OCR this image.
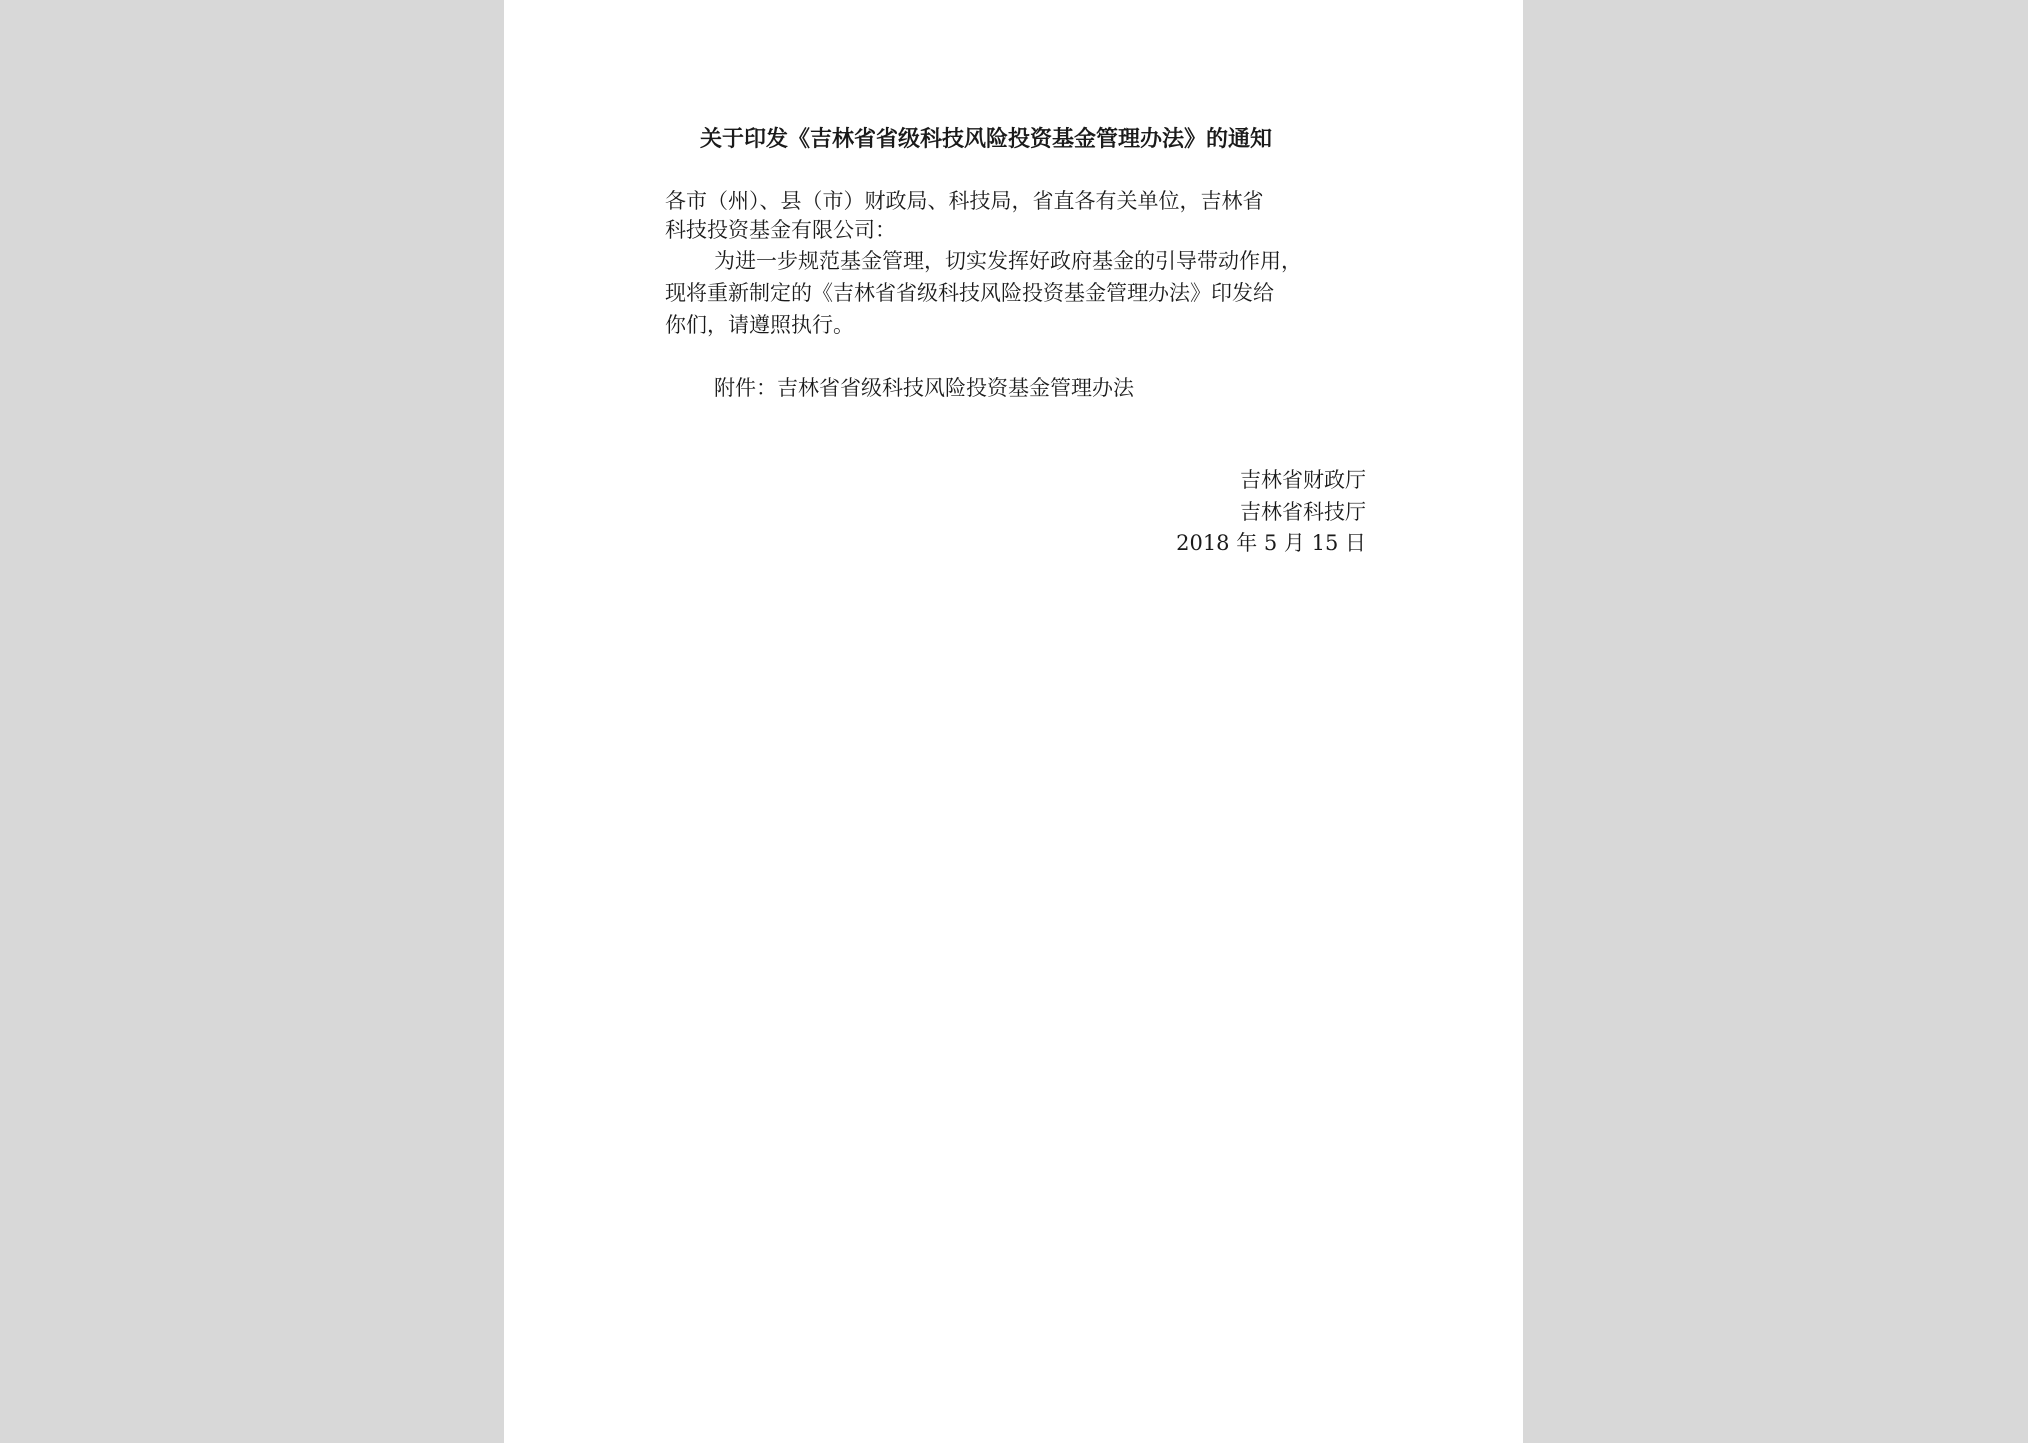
关于印发《吉林省省级科技风险投资基金管理办法》的通知
各市（州）、县（市）财政局、科技局，省直各有关单位，吉林省
科技投资基金有限公司：
为进一步规范基金管理，切实发挥好政府基金的引导带动作用，
现将重新制定的《吉林省省级科技风险投资基金管理办法》印发给
你们，请遵照执行。
附件：吉林省省级科技风险投资基金管理办法
吉林省财政厅
吉林省科技厅
2018 年 5 月 15 日
